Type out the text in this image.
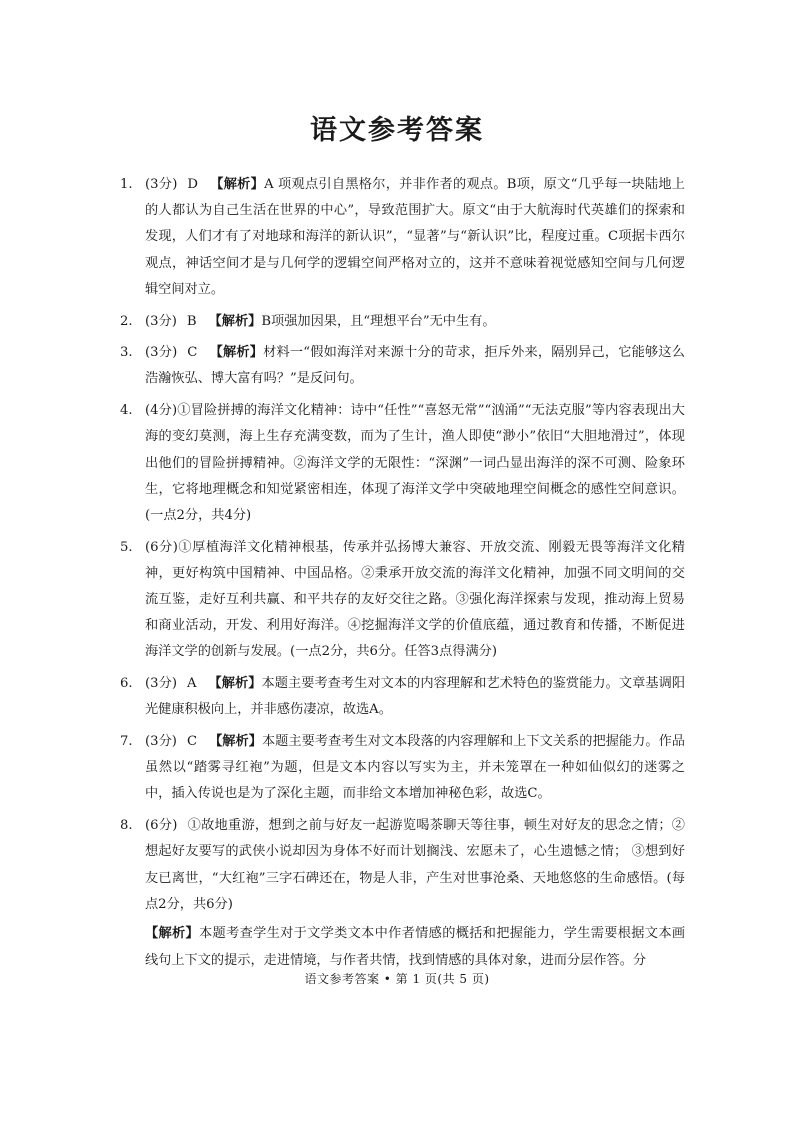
语文参考答案

1. (3分) D 【解析】A 项观点引自黑格尔，并非作者的观点。B项，原文“几乎每一块陆地上的人都认为自己生活在世界的中心”，导致范围扩大。原文“由于大航海时代英雄们的探索和发现，人们才有了对地球和海洋的新认识”，“显著”与“新认识”比，程度过重。C项据卡西尔观点，神话空间才是与几何学的逻辑空间严格对立的，这并不意味着视觉感知空间与几何逻辑空间对立。

2. (3分) B 【解析】B项强加因果，且“理想平台”无中生有。

3. (3分) C 【解析】材料一“假如海洋对来源十分的苛求，拒斥外来，隔别异己，它能够这么浩瀚恢弘、博大富有吗？”是反问句。

4. (4分)①冒险拼搏的海洋文化精神：诗中“任性”“喜怒无常”“汹涌”“无法克服”等内容表现出大海的变幻莫测，海上生存充满变数，而为了生计，渔人即使“渺小”依旧“大胆地滑过”，体现出他们的冒险拼搏精神。②海洋文学的无限性：“深渊”一词凸显出海洋的深不可测、险象环生，它将地理概念和知觉紧密相连，体现了海洋文学中突破地理空间概念的感性空间意识。(一点2分，共4分)

5. (6分)①厚植海洋文化精神根基，传承并弘扬博大兼容、开放交流、刚毅无畏等海洋文化精神，更好构筑中国精神、中国品格。②秉承开放交流的海洋文化精神，加强不同文明间的交流互鉴，走好互利共赢、和平共存的友好交往之路。③强化海洋探索与发现，推动海上贸易和商业活动，开发、利用好海洋。④挖掘海洋文学的价值底蕴，通过教育和传播，不断促进海洋文学的创新与发展。(一点2分，共6分。任答3点得满分)

6. (3分) A 【解析】本题主要考查考生对文本的内容理解和艺术特色的鉴赏能力。文章基调阳光健康积极向上，并非感伤凄凉，故选A。

7. (3分) C 【解析】本题主要考查考生对文本段落的内容理解和上下文关系的把握能力。作品虽然以“踏雾寻红袍”为题，但是文本内容以写实为主，并未笼罩在一种如仙似幻的迷雾之中，插入传说也是为了深化主题，而非给文本增加神秘色彩，故选C。

8. (6分) ①故地重游，想到之前与好友一起游览喝茶聊天等往事，顿生对好友的思念之情；②想起好友要写的武侠小说却因为身体不好而计划搁浅、宏愿未了，心生遗憾之情； ③想到好友已离世，“大红袍”三字石碑还在，物是人非，产生对世事沧桑、天地悠悠的生命感悟。(每点2分，共6分)

【解析】本题考查学生对于文学类文本中作者情感的概括和把握能力，学生需要根据文本画线句上下文的提示，走进情境，与作者共情，找到情感的具体对象，进而分层作答。分

语文参考答案 • 第 1 页(共 5 页)
